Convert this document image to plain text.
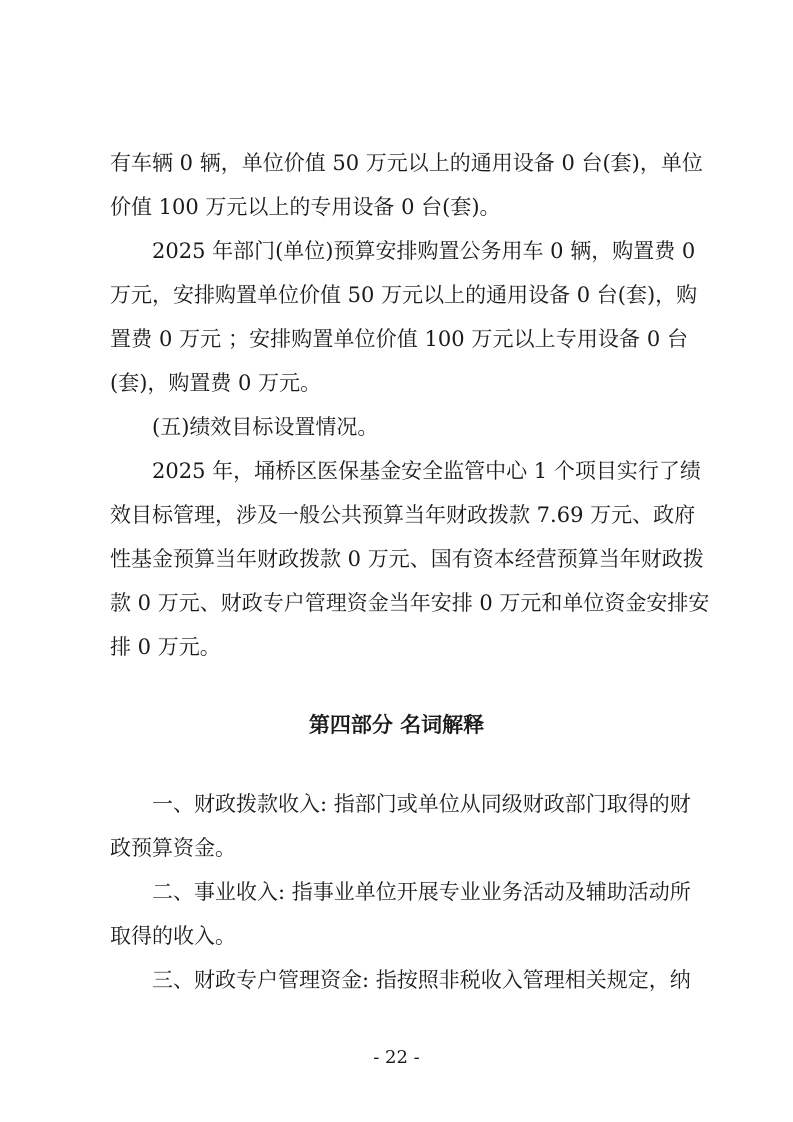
有车辆 0 辆，单位价值 50 万元以上的通用设备 0 台(套)，单位
价值 100 万元以上的专用设备 0 台(套)。
2025 年部门(单位)预算安排购置公务用车 0 辆，购置费 0
万元，安排购置单位价值 50 万元以上的通用设备 0 台(套)，购
置费 0 万元 ；安排购置单位价值 100 万元以上专用设备 0 台
(套)，购置费 0 万元。
(五)绩效目标设置情况。
2025 年，埇桥区医保基金安全监管中心 1 个项目实行了绩
效目标管理，涉及一般公共预算当年财政拨款 7.69 万元、政府
性基金预算当年财政拨款 0 万元、国有资本经营预算当年财政拨
款 0 万元、财政专户管理资金当年安排 0 万元和单位资金安排安
排 0 万元。
第四部分 名词解释
一、财政拨款收入: 指部门或单位从同级财政部门取得的财
政预算资金。
二、事业收入: 指事业单位开展专业业务活动及辅助活动所
取得的收入。
三、财政专户管理资金: 指按照非税收入管理相关规定，纳
- 22 -
